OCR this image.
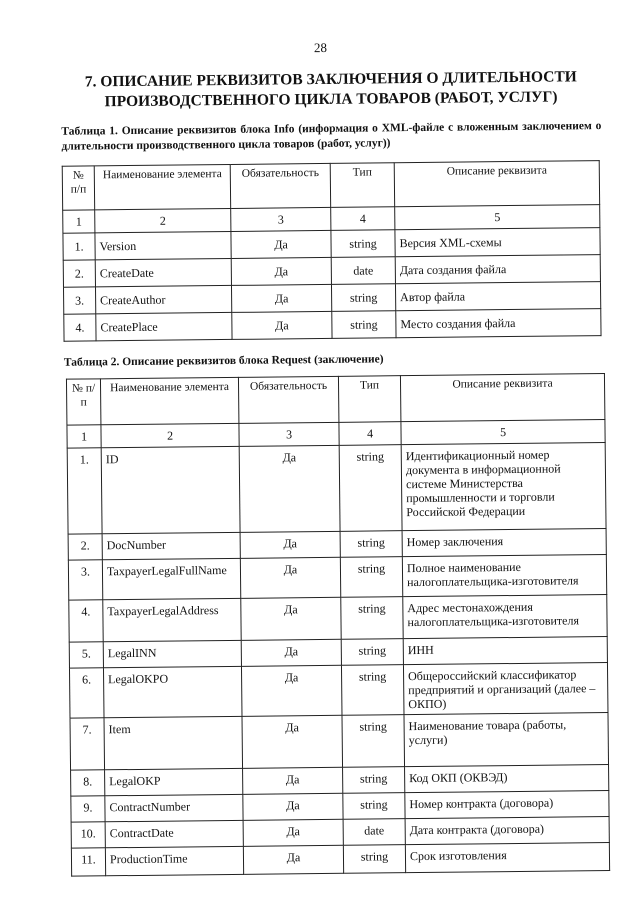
28
7. ОПИСАНИЕ РЕКВИЗИТОВ ЗАКЛЮЧЕНИЯ О ДЛИТЕЛЬНОСТИ ПРОИЗВОДСТВЕННОГО ЦИКЛА ТОВАРОВ (РАБОТ, УСЛУГ)
Таблица 1. Описание реквизитов блока Info (информация о XML-файле с вложенным заключением о длительности производственного цикла товаров (работ, услуг))
№ п/п	Наименование элемента	Обязательность	Тип	Описание реквизита
1	2	3	4	5
1.	Version	Да	string	Версия XML-схемы
2.	CreateDate	Да	date	Дата создания файла
3.	CreateAuthor	Да	string	Автор файла
4.	CreatePlace	Да	string	Место создания файла
Таблица 2. Описание реквизитов блока Request (заключение)
№ п/п	Наименование элемента	Обязательность	Тип	Описание реквизита
1	2	3	4	5
1.	ID	Да	string	Идентификационный номер документа в информационной системе Министерства промышленности и торговли Российской Федерации
2.	DocNumber	Да	string	Номер заключения
3.	TaxpayerLegalFullName	Да	string	Полное наименование налогоплательщика-изготовителя
4.	TaxpayerLegalAddress	Да	string	Адрес местонахождения налогоплательщика-изготовителя
5.	LegalINN	Да	string	ИНН
6.	LegalOKPO	Да	string	Общероссийский классификатор предприятий и организаций (далее – ОКПО)
7.	Item	Да	string	Наименование товара (работы, услуги)
8.	LegalOKP	Да	string	Код ОКП (ОКВЭД)
9.	ContractNumber	Да	string	Номер контракта (договора)
10.	ContractDate	Да	date	Дата контракта (договора)
11.	ProductionTime	Да	string	Срок изготовления
